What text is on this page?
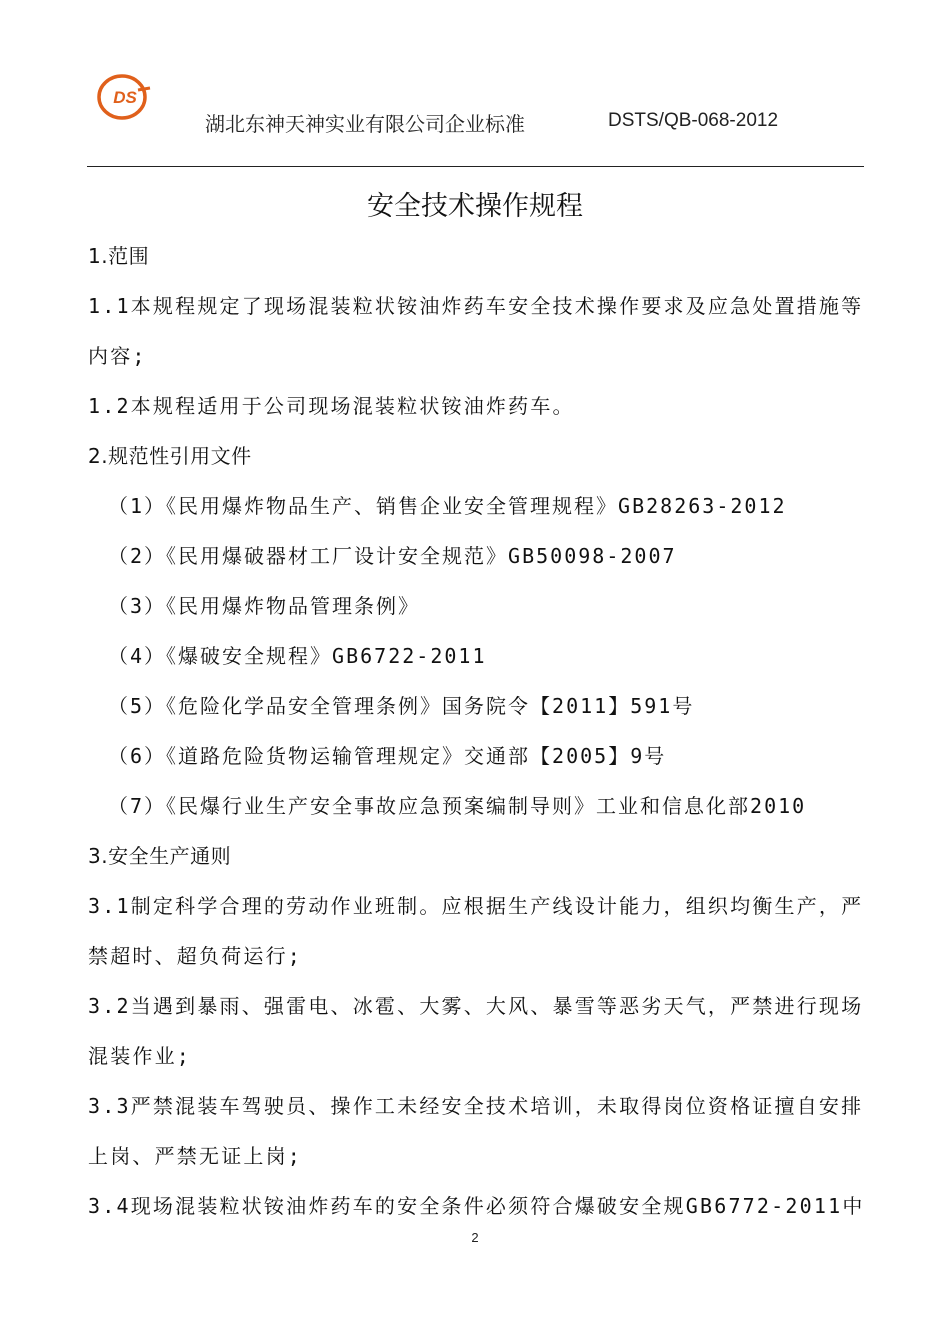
DS
湖北东神天神实业有限公司企业标准	DSTS/QB-068-2012
安全技术操作规程
1.范围
1.1本规程规定了现场混装粒状铵油炸药车安全技术操作要求及应急处置措施等
内容;
1.2本规程适用于公司现场混装粒状铵油炸药车。
2.规范性引用文件
（1）《民用爆炸物品生产、销售企业安全管理规程》GB28263-2012
（2）《民用爆破器材工厂设计安全规范》GB50098-2007
（3）《民用爆炸物品管理条例》
（4）《爆破安全规程》GB6722-2011
（5）《危险化学品安全管理条例》国务院令【2011】591号
（6）《道路危险货物运输管理规定》交通部【2005】9号
（7）《民爆行业生产安全事故应急预案编制导则》工业和信息化部2010
3.安全生产通则
3.1制定科学合理的劳动作业班制。应根据生产线设计能力，组织均衡生产，严
禁超时、超负荷运行;
3.2当遇到暴雨、强雷电、冰雹、大雾、大风、暴雪等恶劣天气，严禁进行现场
混装作业;
3.3严禁混装车驾驶员、操作工未经安全技术培训，未取得岗位资格证擅自安排
上岗、严禁无证上岗;
3.4现场混装粒状铵油炸药车的安全条件必须符合爆破安全规GB6772-2011中
2
